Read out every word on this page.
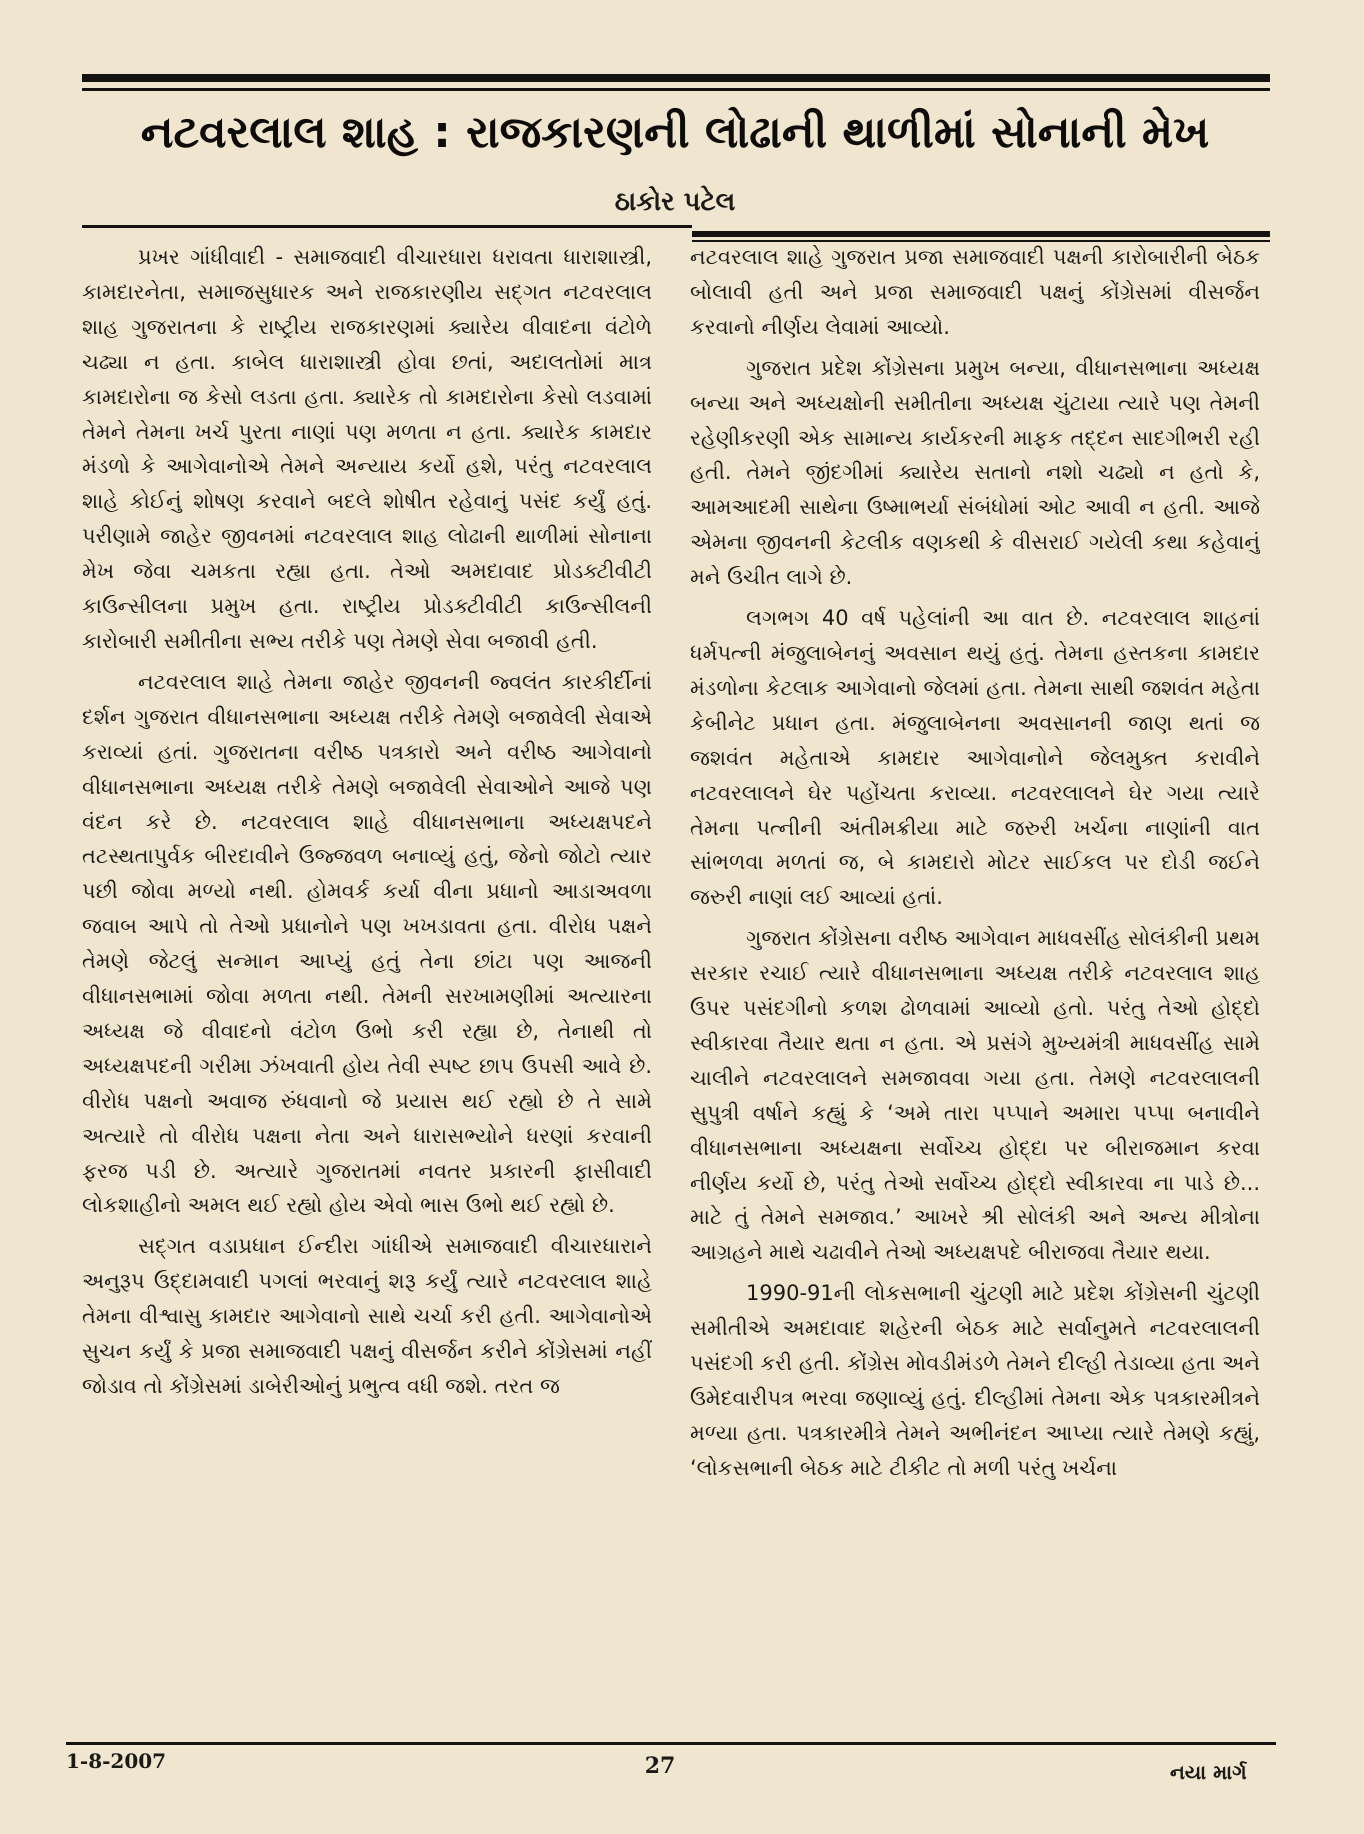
નટવરલાલ શાહ : રાજકારણની લોઢાની થાળીમાં સોનાની મેખ
ઠાકોર પટેલ

પ્રખર ગાંધીવાદી - સમાજવાદી વીચારધારા ધરાવતા ધારાશાસ્ત્રી, કામદારનેતા, સમાજસુધારક અને રાજકારણીય સદ્ગત નટવરલાલ શાહ ગુજરાતના કે રાષ્ટ્રીય રાજકારણમાં ક્યારેય વીવાદના વંટોળે ચઢ્યા ન હતા. કાબેલ ધારાશાસ્ત્રી હોવા છતાં, અદાલતોમાં માત્ર કામદારોના જ કેસો લડતા હતા. ક્યારેક તો કામદારોના કેસો લડવામાં તેમને તેમના ખર્ચ પુરતા નાણાં પણ મળતા ન હતા. ક્યારેક કામદાર મંડળો કે આગેવાનોએ તેમને અન્યાય કર્યો હશે, પરંતુ નટવરલાલ શાહે કોઈનું શોષણ કરવાને બદલે શોષીત રહેવાનું પસંદ કર્યું હતું. પરીણામે જાહેર જીવનમાં નટવરલાલ શાહ લોઢાની થાળીમાં સોનાના મેખ જેવા ચમકતા રહ્યા હતા. તેઓ અમદાવાદ પ્રોડક્ટીવીટી કાઉન્સીલના પ્રમુખ હતા. રાષ્ટ્રીય પ્રોડક્ટીવીટી કાઉન્સીલની કારોબારી સમીતીના સભ્ય તરીકે પણ તેમણે સેવા બજાવી હતી.

નટવરલાલ શાહે તેમના જાહેર જીવનની જ્વલંત કારકીર્દીનાં દર્શન ગુજરાત વીધાનસભાના અધ્યક્ષ તરીકે તેમણે બજાવેલી સેવાએ કરાવ્યાં હતાં. ગુજરાતના વરીષ્ઠ પત્રકારો અને વરીષ્ઠ આગેવાનો વીધાનસભાના અધ્યક્ષ તરીકે તેમણે બજાવેલી સેવાઓને આજે પણ વંદન કરે છે. નટવરલાલ શાહે વીધાનસભાના અધ્યક્ષપદને તટસ્થતાપુર્વક બીરદાવીને ઉજ્જવળ બનાવ્યું હતું, જેનો જોટો ત્યાર પછી જોવા મળ્યો નથી. હોમવર્ક કર્યા વીના પ્રધાનો આડાઅવળા જવાબ આપે તો તેઓ પ્રધાનોને પણ ખખડાવતા હતા. વીરોધ પક્ષને તેમણે જેટલું સન્માન આપ્યું હતું તેના છાંટા પણ આજની વીધાનસભામાં જોવા મળતા નથી. તેમની સરખામણીમાં અત્યારના અધ્યક્ષ જે વીવાદનો વંટોળ ઉભો કરી રહ્યા છે, તેનાથી તો અધ્યક્ષપદની ગરીમા ઝંખવાતી હોય તેવી સ્પષ્ટ છાપ ઉપસી આવે છે. વીરોધ પક્ષનો અવાજ રુંધવાનો જે પ્રયાસ થઈ રહ્યો છે તે સામે અત્યારે તો વીરોધ પક્ષના નેતા અને ધારાસભ્યોને ધરણાં કરવાની ફરજ પડી છે. અત્યારે ગુજરાતમાં નવતર પ્રકારની ફાસીવાદી લોકશાહીનો અમલ થઈ રહ્યો હોય એવો ભાસ ઉભો થઈ રહ્યો છે.

સદ્ગત વડાપ્રધાન ઈન્દીરા ગાંધીએ સમાજવાદી વીચારધારાને અનુરૂપ ઉદ્દામવાદી પગલાં ભરવાનું શરૂ કર્યું ત્યારે નટવરલાલ શાહે તેમના વીશ્વાસુ કામદાર આગેવાનો સાથે ચર્ચા કરી હતી. આગેવાનોએ સુચન કર્યું કે પ્રજા સમાજવાદી પક્ષનું વીસર્જન કરીને કોંગ્રેસમાં નહીં જોડાવ તો કોંગ્રેસમાં ડાબેરીઓનું પ્રભુત્વ વધી જશે. તરત જ

નટવરલાલ શાહે ગુજરાત પ્રજા સમાજવાદી પક્ષની કારોબારીની બેઠક બોલાવી હતી અને પ્રજા સમાજવાદી પક્ષનું કોંગ્રેસમાં વીસર્જન કરવાનો નીર્ણય લેવામાં આવ્યો.

ગુજરાત પ્રદેશ કોંગ્રેસના પ્રમુખ બન્યા, વીધાનસભાના અધ્યક્ષ બન્યા અને અધ્યક્ષોની સમીતીના અધ્યક્ષ ચુંટાયા ત્યારે પણ તેમની રહેણીકરણી એક સામાન્ય કાર્યકરની માફક તદ્દન સાદગીભરી રહી હતી. તેમને જીંદગીમાં ક્યારેય સતાનો નશો ચઢ્યો ન હતો કે, આમઆદમી સાથેના ઉષ્માભર્યા સંબંધોમાં ઓટ આવી ન હતી. આજે એમના જીવનની કેટલીક વણકથી કે વીસરાઈ ગયેલી કથા કહેવાનું મને ઉચીત લાગે છે.

લગભગ 40 વર્ષ પહેલાંની આ વાત છે. નટવરલાલ શાહનાં ધર્મપત્ની મંજુલાબેનનું અવસાન થયું હતું. તેમના હસ્તકના કામદાર મંડળોના કેટલાક આગેવાનો જેલમાં હતા. તેમના સાથી જશવંત મહેતા કેબીનેટ પ્રધાન હતા. મંજુલાબેનના અવસાનની જાણ થતાં જ જશવંત મહેતાએ કામદાર આગેવાનોને જેલમુક્ત કરાવીને નટવરલાલને ઘેર પહોંચતા કરાવ્યા. નટવરલાલને ઘેર ગયા ત્યારે તેમના પત્નીની અંતીમક્રીયા માટે જરુરી ખર્ચના નાણાંની વાત સાંભળવા મળતાં જ, બે કામદારો મોટર સાઈકલ પર દોડી જઈને જરુરી નાણાં લઈ આવ્યાં હતાં.

ગુજરાત કોંગ્રેસના વરીષ્ઠ આગેવાન માધવસીંહ સોલંકીની પ્રથમ સરકાર રચાઈ ત્યારે વીધાનસભાના અધ્યક્ષ તરીકે નટવરલાલ શાહ ઉપર પસંદગીનો કળશ ઢોળવામાં આવ્યો હતો. પરંતુ તેઓ હોદ્દો સ્વીકારવા તૈયાર થતા ન હતા. એ પ્રસંગે મુખ્યમંત્રી માધવસીંહ સામે ચાલીને નટવરલાલને સમજાવવા ગયા હતા. તેમણે નટવરલાલની સુપુત્રી વર્ષાને કહ્યું કે ‘અમે તારા પપ્પાને અમારા પપ્પા બનાવીને વીધાનસભાના અધ્યક્ષના સર્વોચ્ચ હોદ્દા પર બીરાજમાન કરવા નીર્ણય કર્યો છે, પરંતુ તેઓ સર્વોચ્ચ હોદ્દો સ્વીકારવા ના પાડે છે... માટે તું તેમને સમજાવ.’ આખરે શ્રી સોલંકી અને અન્ય મીત્રોના આગ્રહને માથે ચઢાવીને તેઓ અધ્યક્ષપદે બીરાજવા તૈયાર થયા.

1990-91ની લોકસભાની ચુંટણી માટે પ્રદેશ કોંગ્રેસની ચુંટણી સમીતીએ અમદાવાદ શહેરની બેઠક માટે સર્વાનુમતે નટવરલાલની પસંદગી કરી હતી. કોંગ્રેસ મોવડીમંડળે તેમને દીલ્હી તેડાવ્યા હતા અને ઉમેદવારીપત્ર ભરવા જણાવ્યું હતું. દીલ્હીમાં તેમના એક પત્રકારમીત્રને મળ્યા હતા. પત્રકારમીત્રે તેમને અભીનંદન આપ્યા ત્યારે તેમણે કહ્યું, ‘લોકસભાની બેઠક માટે ટીકીટ તો મળી પરંતુ ખર્ચના

1-8-2007	27	નયા માર્ગ
